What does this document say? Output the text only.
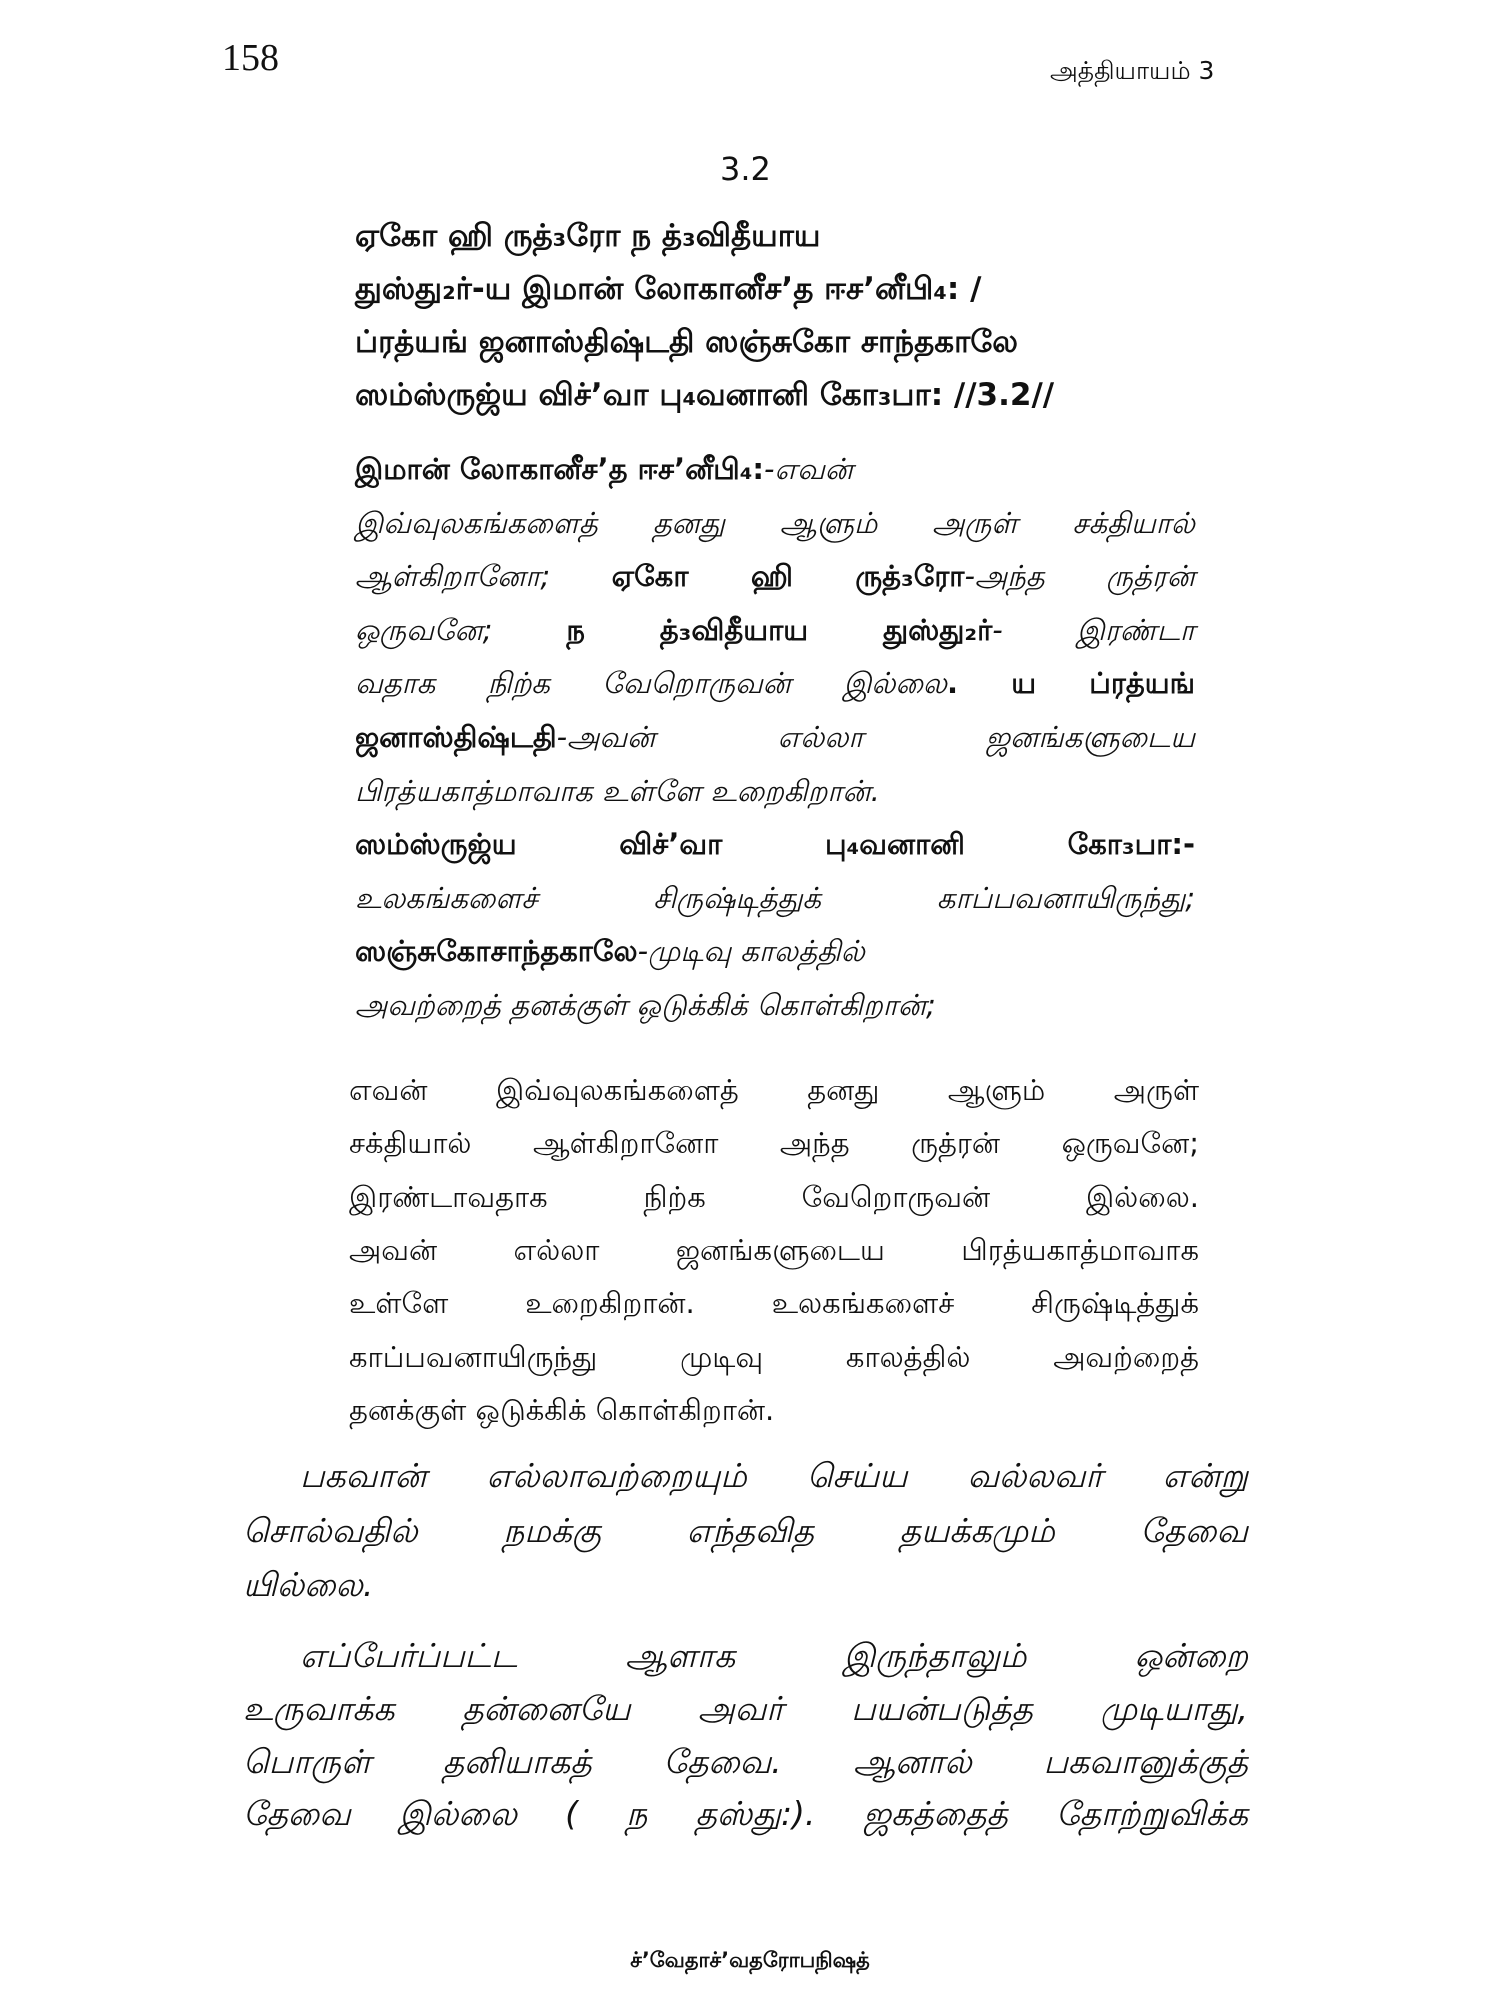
158	அத்தியாயம் 3
3.2
ஏகோ ஹி ருத்₃ரோ ந த்₃விதீயாய
துஸ்து₂ர்-ய இமான் லோகானீச’த ஈச’னீபி₄: /
ப்ரத்யங் ஜனாஸ்திஷ்டதி ஸஞ்சுகோ சாந்தகாலே
ஸம்ஸ்ருஜ்ய விச்’வா பு₄வனானி கோ₃பா: //3.2//
இமான் லோகானீச’த ஈச’னீபி₄:-எவன்
இவ்வுலகங்களைத் தனது ஆளும் அருள் சக்தியால்
ஆள்கிறானோ; ஏகோ ஹி ருத்₃ரோ-அந்த ருத்ரன்
ஒருவனே; ந த்₃விதீயாய துஸ்து₂ர்- இரண்டா
வதாக நிற்க வேறொருவன் இல்லை. ய ப்ரத்யங்
ஜனாஸ்திஷ்டதி-அவன் எல்லா ஜனங்களுடைய
பிரத்யகாத்மாவாக உள்ளே உறைகிறான்.
ஸம்ஸ்ருஜ்ய விச்’வா பு₄வனானி கோ₃பா:-
உலகங்களைச் சிருஷ்டித்துக் காப்பவனாயிருந்து;
ஸஞ்சுகோசாந்தகாலே-முடிவு காலத்தில்
அவற்றைத் தனக்குள் ஒடுக்கிக் கொள்கிறான்;
எவன் இவ்வுலகங்களைத் தனது ஆளும் அருள்
சக்தியால் ஆள்கிறானோ அந்த ருத்ரன் ஒருவனே;
இரண்டாவதாக நிற்க வேறொருவன் இல்லை.
அவன் எல்லா ஜனங்களுடைய பிரத்யகாத்மாவாக
உள்ளே உறைகிறான். உலகங்களைச் சிருஷ்டித்துக்
காப்பவனாயிருந்து முடிவு காலத்தில் அவற்றைத்
தனக்குள் ஒடுக்கிக் கொள்கிறான்.
பகவான் எல்லாவற்றையும் செய்ய வல்லவர் என்று
சொல்வதில் நமக்கு எந்தவித தயக்கமும் தேவை
யில்லை.
எப்பேர்ப்பட்ட ஆளாக இருந்தாலும் ஒன்றை
உருவாக்க தன்னையே அவர் பயன்படுத்த முடியாது,
பொருள் தனியாகத் தேவை. ஆனால் பகவானுக்குத்
தேவை இல்லை ( ந தஸ்து:). ஜகத்தைத் தோற்றுவிக்க
ச்’வேதாச்’வதரோபநிஷத்
